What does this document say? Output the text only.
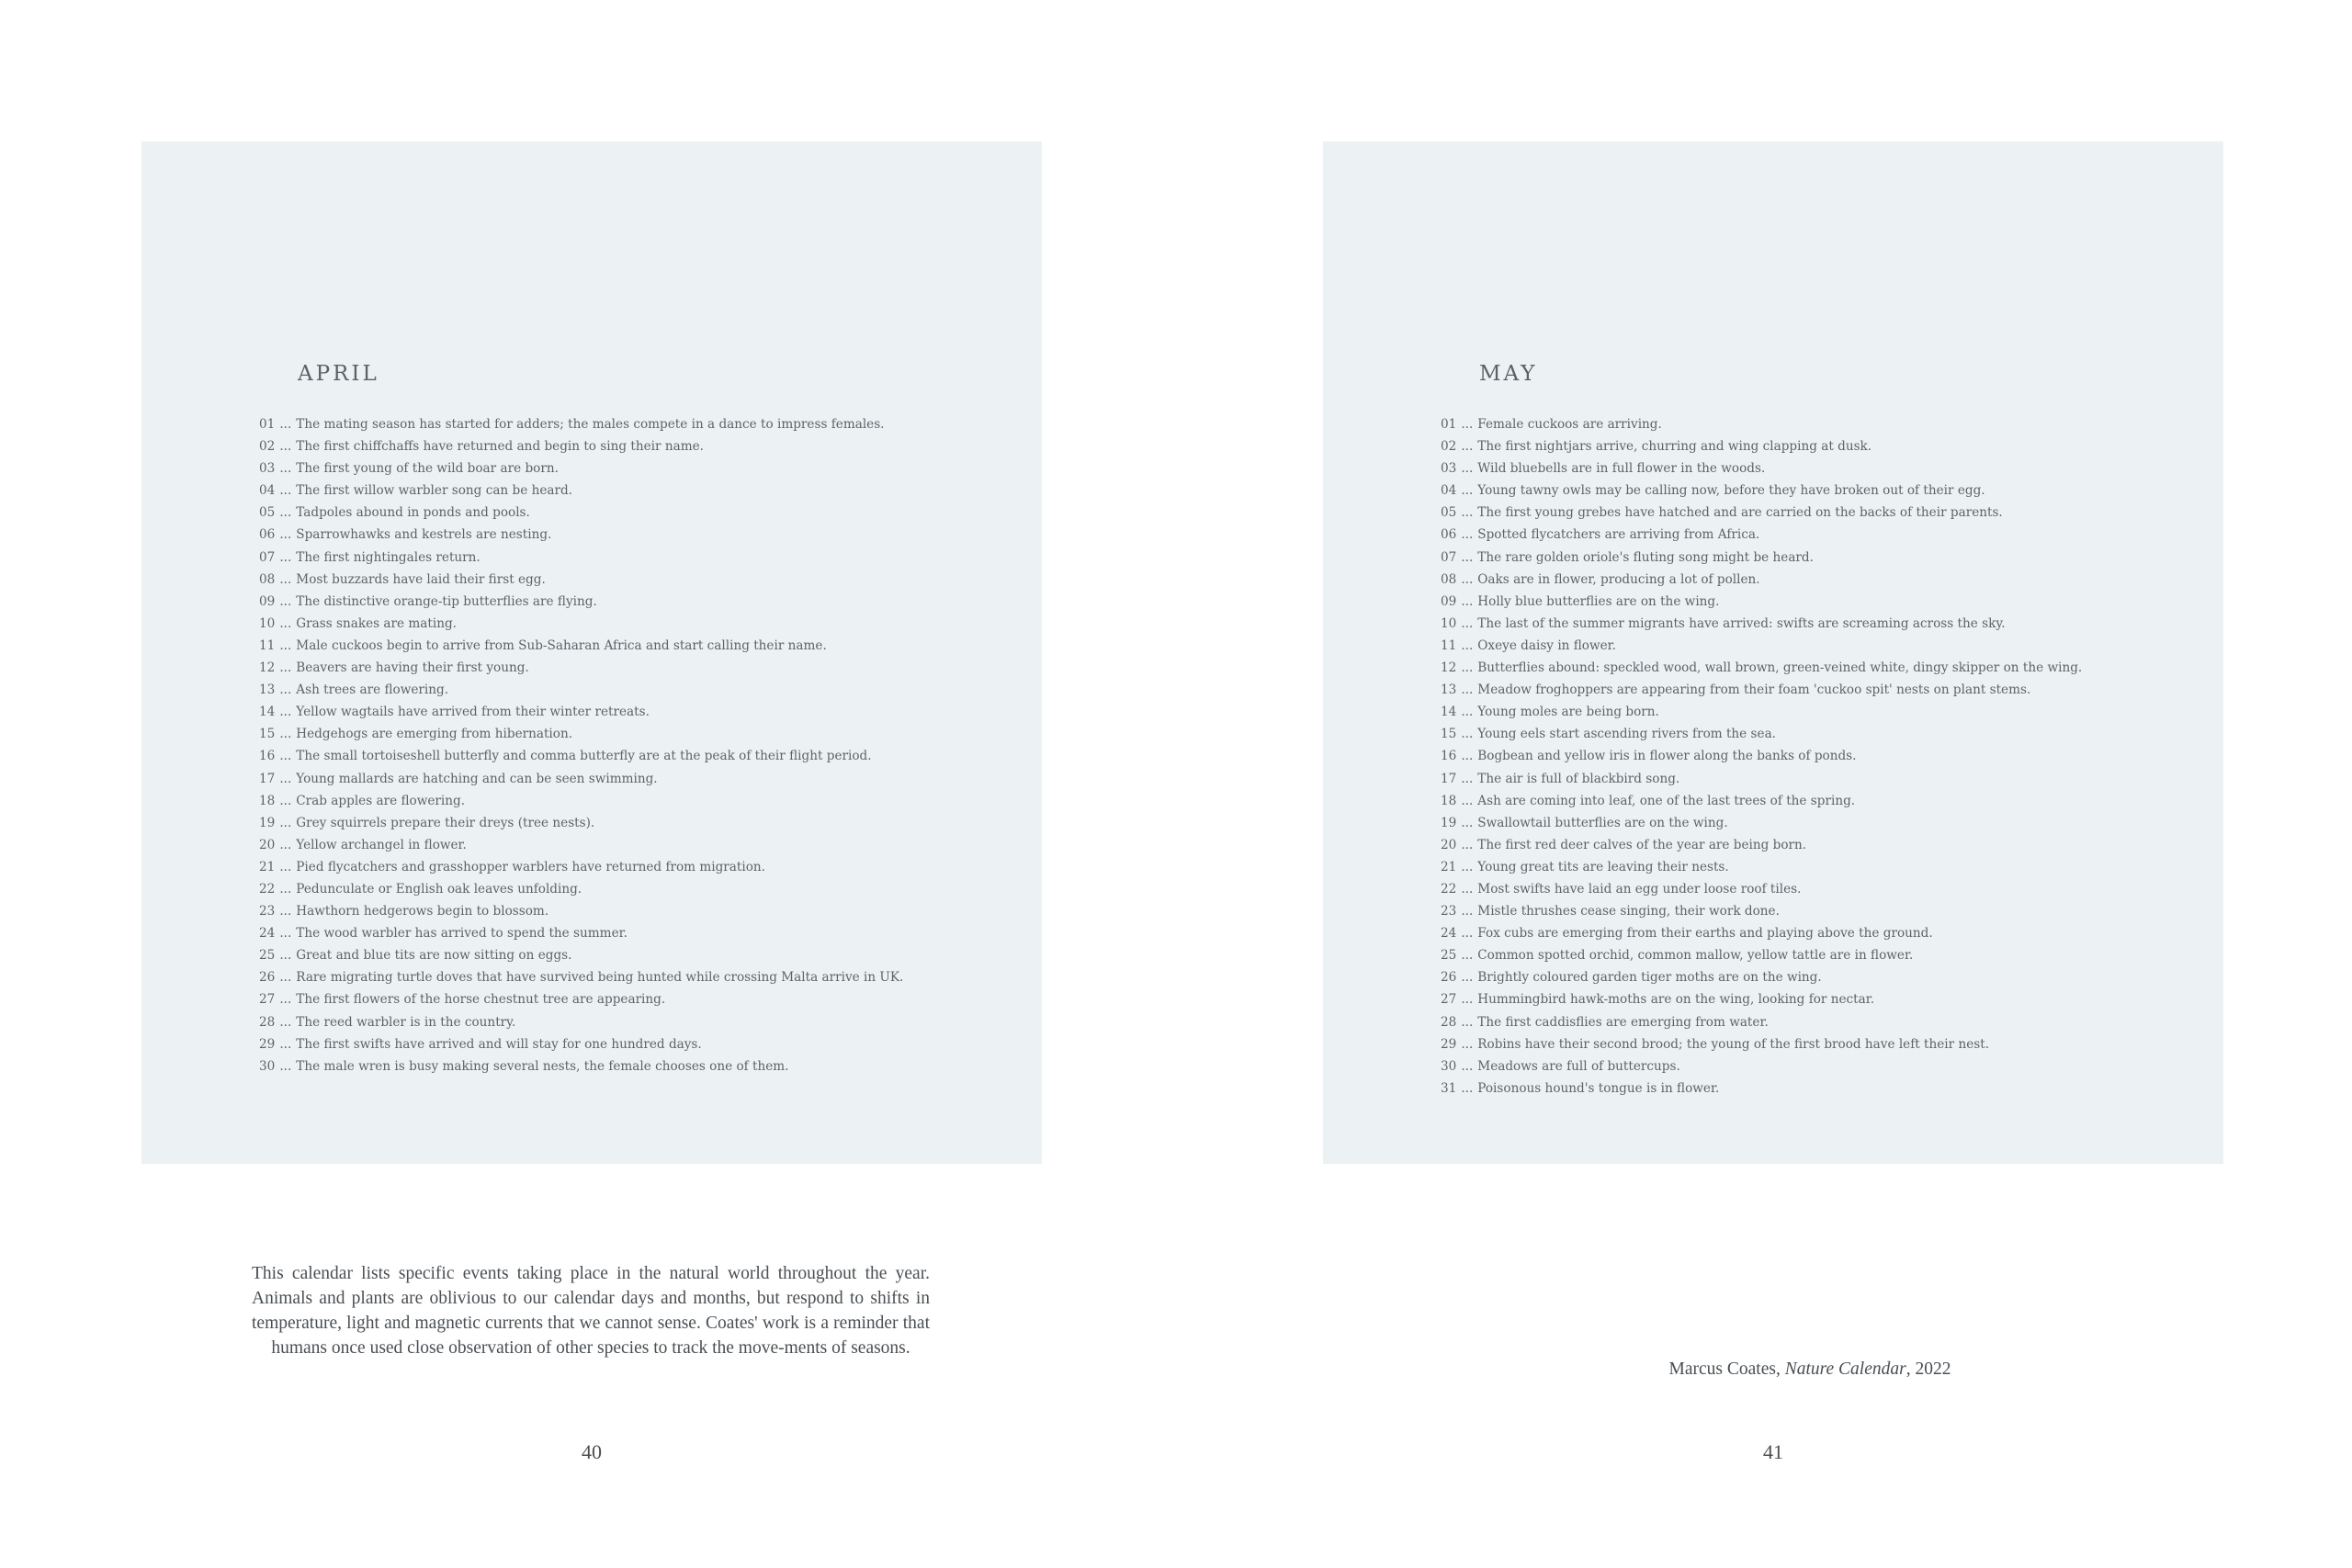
APRIL
01 ... The mating season has started for adders; the males compete in a dance to impress females.
02 ... The first chiffchaffs have returned and begin to sing their name.
03 ... The first young of the wild boar are born.
04 ... The first willow warbler song can be heard.
05 ... Tadpoles abound in ponds and pools.
06 ... Sparrowhawks and kestrels are nesting.
07 ... The first nightingales return.
08 ... Most buzzards have laid their first egg.
09 ... The distinctive orange-tip butterflies are flying.
10 ... Grass snakes are mating.
11 ... Male cuckoos begin to arrive from Sub-Saharan Africa and start calling their name.
12 ... Beavers are having their first young.
13 ... Ash trees are flowering.
14 ... Yellow wagtails have arrived from their winter retreats.
15 ... Hedgehogs are emerging from hibernation.
16 ... The small tortoiseshell butterfly and comma butterfly are at the peak of their flight period.
17 ... Young mallards are hatching and can be seen swimming.
18 ... Crab apples are flowering.
19 ... Grey squirrels prepare their dreys (tree nests).
20 ... Yellow archangel in flower.
21 ... Pied flycatchers and grasshopper warblers have returned from migration.
22 ... Pedunculate or English oak leaves unfolding.
23 ... Hawthorn hedgerows begin to blossom.
24 ... The wood warbler has arrived to spend the summer.
25 ... Great and blue tits are now sitting on eggs.
26 ... Rare migrating turtle doves that have survived being hunted while crossing Malta arrive in UK.
27 ... The first flowers of the horse chestnut tree are appearing.
28 ... The reed warbler is in the country.
29 ... The first swifts have arrived and will stay for one hundred days.
30 ... The male wren is busy making several nests, the female chooses one of them.

This calendar lists specific events taking place in the natural world throughout the year. Animals and plants are oblivious to our calendar days and months, but respond to shifts in temperature, light and magnetic currents that we cannot sense. Coates' work is a reminder that humans once used close observation of other species to track the move-ments of seasons.

40
MAY
01 ... Female cuckoos are arriving.
02 ... The first nightjars arrive, churring and wing clapping at dusk.
03 ... Wild bluebells are in full flower in the woods.
04 ... Young tawny owls may be calling now, before they have broken out of their egg.
05 ... The first young grebes have hatched and are carried on the backs of their parents.
06 ... Spotted flycatchers are arriving from Africa.
07 ... The rare golden oriole's fluting song might be heard.
08 ... Oaks are in flower, producing a lot of pollen.
09 ... Holly blue butterflies are on the wing.
10 ... The last of the summer migrants have arrived: swifts are screaming across the sky.
11 ... Oxeye daisy in flower.
12 ... Butterflies abound: speckled wood, wall brown, green-veined white, dingy skipper on the wing.
13 ... Meadow froghoppers are appearing from their foam 'cuckoo spit' nests on plant stems.
14 ... Young moles are being born.
15 ... Young eels start ascending rivers from the sea.
16 ... Bogbean and yellow iris in flower along the banks of ponds.
17 ... The air is full of blackbird song.
18 ... Ash are coming into leaf, one of the last trees of the spring.
19 ... Swallowtail butterflies are on the wing.
20 ... The first red deer calves of the year are being born.
21 ... Young great tits are leaving their nests.
22 ... Most swifts have laid an egg under loose roof tiles.
23 ... Mistle thrushes cease singing, their work done.
24 ... Fox cubs are emerging from their earths and playing above the ground.
25 ... Common spotted orchid, common mallow, yellow tattle are in flower.
26 ... Brightly coloured garden tiger moths are on the wing.
27 ... Hummingbird hawk-moths are on the wing, looking for nectar.
28 ... The first caddisflies are emerging from water.
29 ... Robins have their second brood; the young of the first brood have left their nest.
30 ... Meadows are full of buttercups.
31 ... Poisonous hound's tongue is in flower.
Marcus Coates, Nature Calendar, 2022
41
